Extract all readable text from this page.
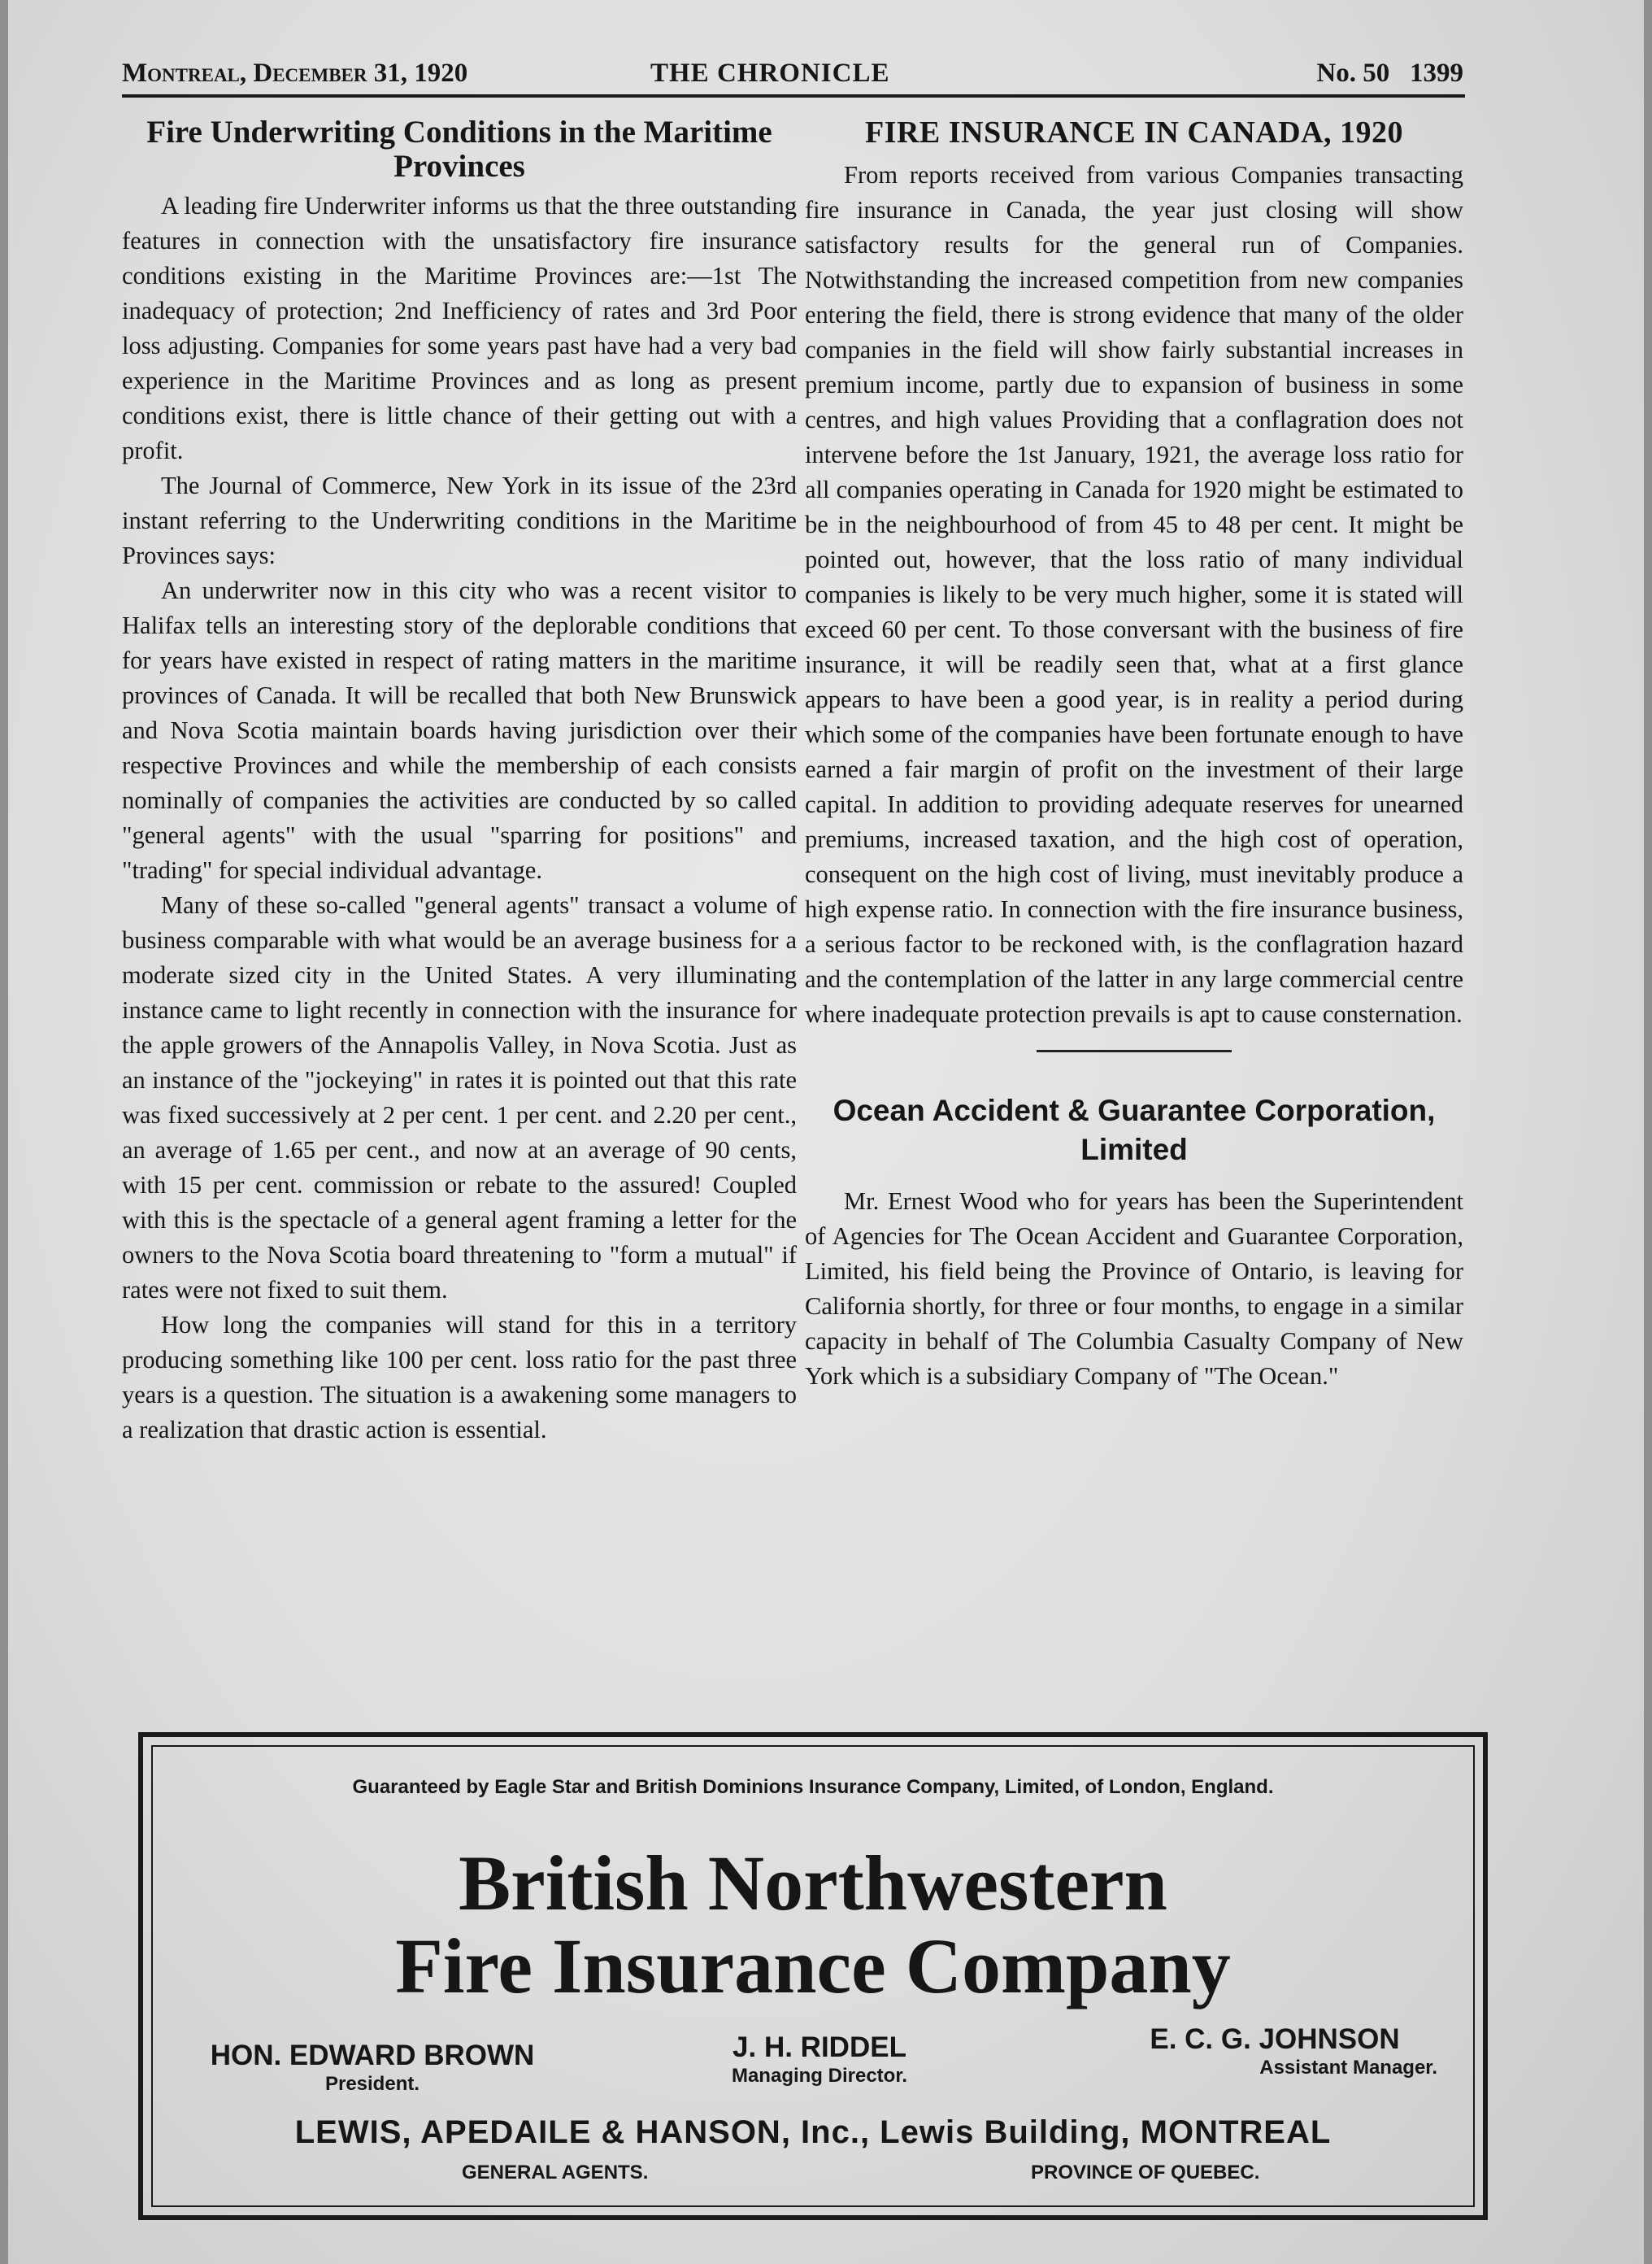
Montreal, December 31, 1920	THE CHRONICLE	No. 50 1399
Fire Underwriting Conditions in the Maritime Provinces

A leading fire Underwriter informs us that the three outstanding features in connection with the unsatisfactory fire insurance conditions existing in the Maritime Provinces are:—1st The inadequacy of protection; 2nd Inefficiency of rates and 3rd Poor loss adjusting. Companies for some years past have had a very bad experience in the Maritime Provinces and as long as present conditions exist, there is little chance of their getting out with a profit.

The Journal of Commerce, New York in its issue of the 23rd instant referring to the Underwriting conditions in the Maritime Provinces says:

An underwriter now in this city who was a recent visitor to Halifax tells an interesting story of the deplorable conditions that for years have existed in respect of rating matters in the maritime provinces of Canada. It will be recalled that both New Brunswick and Nova Scotia maintain boards having jurisdiction over their respective Provinces and while the membership of each consists nominally of companies the activities are conducted by so called "general agents" with the usual "sparring for positions" and "trading" for special individual advantage.

Many of these so-called "general agents" transact a volume of business comparable with what would be an average business for a moderate sized city in the United States. A very illuminating instance came to light recently in connection with the insurance for the apple growers of the Annapolis Valley, in Nova Scotia. Just as an instance of the "jockeying" in rates it is pointed out that this rate was fixed successively at 2 per cent. 1 per cent. and 2.20 per cent., an average of 1.65 per cent., and now at an average of 90 cents, with 15 per cent. commission or rebate to the assured! Coupled with this is the spectacle of a general agent framing a letter for the owners to the Nova Scotia board threatening to "form a mutual" if rates were not fixed to suit them.

How long the companies will stand for this in a territory producing something like 100 per cent. loss ratio for the past three years is a question. The situation is a awakening some managers to a realization that drastic action is essential.

FIRE INSURANCE IN CANADA, 1920

From reports received from various Companies transacting fire insurance in Canada, the year just closing will show satisfactory results for the general run of Companies. Notwithstanding the increased competition from new companies entering the field, there is strong evidence that many of the older companies in the field will show fairly substantial increases in premium income, partly due to expansion of business in some centres, and high values Providing that a conflagration does not intervene before the 1st January, 1921, the average loss ratio for all companies operating in Canada for 1920 might be estimated to be in the neighbourhood of from 45 to 48 per cent. It might be pointed out, however, that the loss ratio of many individual companies is likely to be very much higher, some it is stated will exceed 60 per cent. To those conversant with the business of fire insurance, it will be readily seen that, what at a first glance appears to have been a good year, is in reality a period during which some of the companies have been fortunate enough to have earned a fair margin of profit on the investment of their large capital. In addition to providing adequate reserves for unearned premiums, increased taxation, and the high cost of operation, consequent on the high cost of living, must inevitably produce a high expense ratio. In connection with the fire insurance business, a serious factor to be reckoned with, is the conflagration hazard and the contemplation of the latter in any large commercial centre where inadequate protection prevails is apt to cause consternation.

Ocean Accident & Guarantee Corporation, Limited

Mr. Ernest Wood who for years has been the Superintendent of Agencies for The Ocean Accident and Guarantee Corporation, Limited, his field being the Province of Ontario, is leaving for California shortly, for three or four months, to engage in a similar capacity in behalf of The Columbia Casualty Company of New York which is a subsidiary Company of "The Ocean."

Guaranteed by Eagle Star and British Dominions Insurance Company, Limited, of London, England.
British Northwestern
Fire Insurance Company
HON. EDWARD BROWN
President.
J. H. RIDDEL
Managing Director.
E. C. G. JOHNSON
Assistant Manager.
LEWIS, APEDAILE & HANSON, Inc., Lewis Building, MONTREAL
GENERAL AGENTS.	PROVINCE OF QUEBEC.
